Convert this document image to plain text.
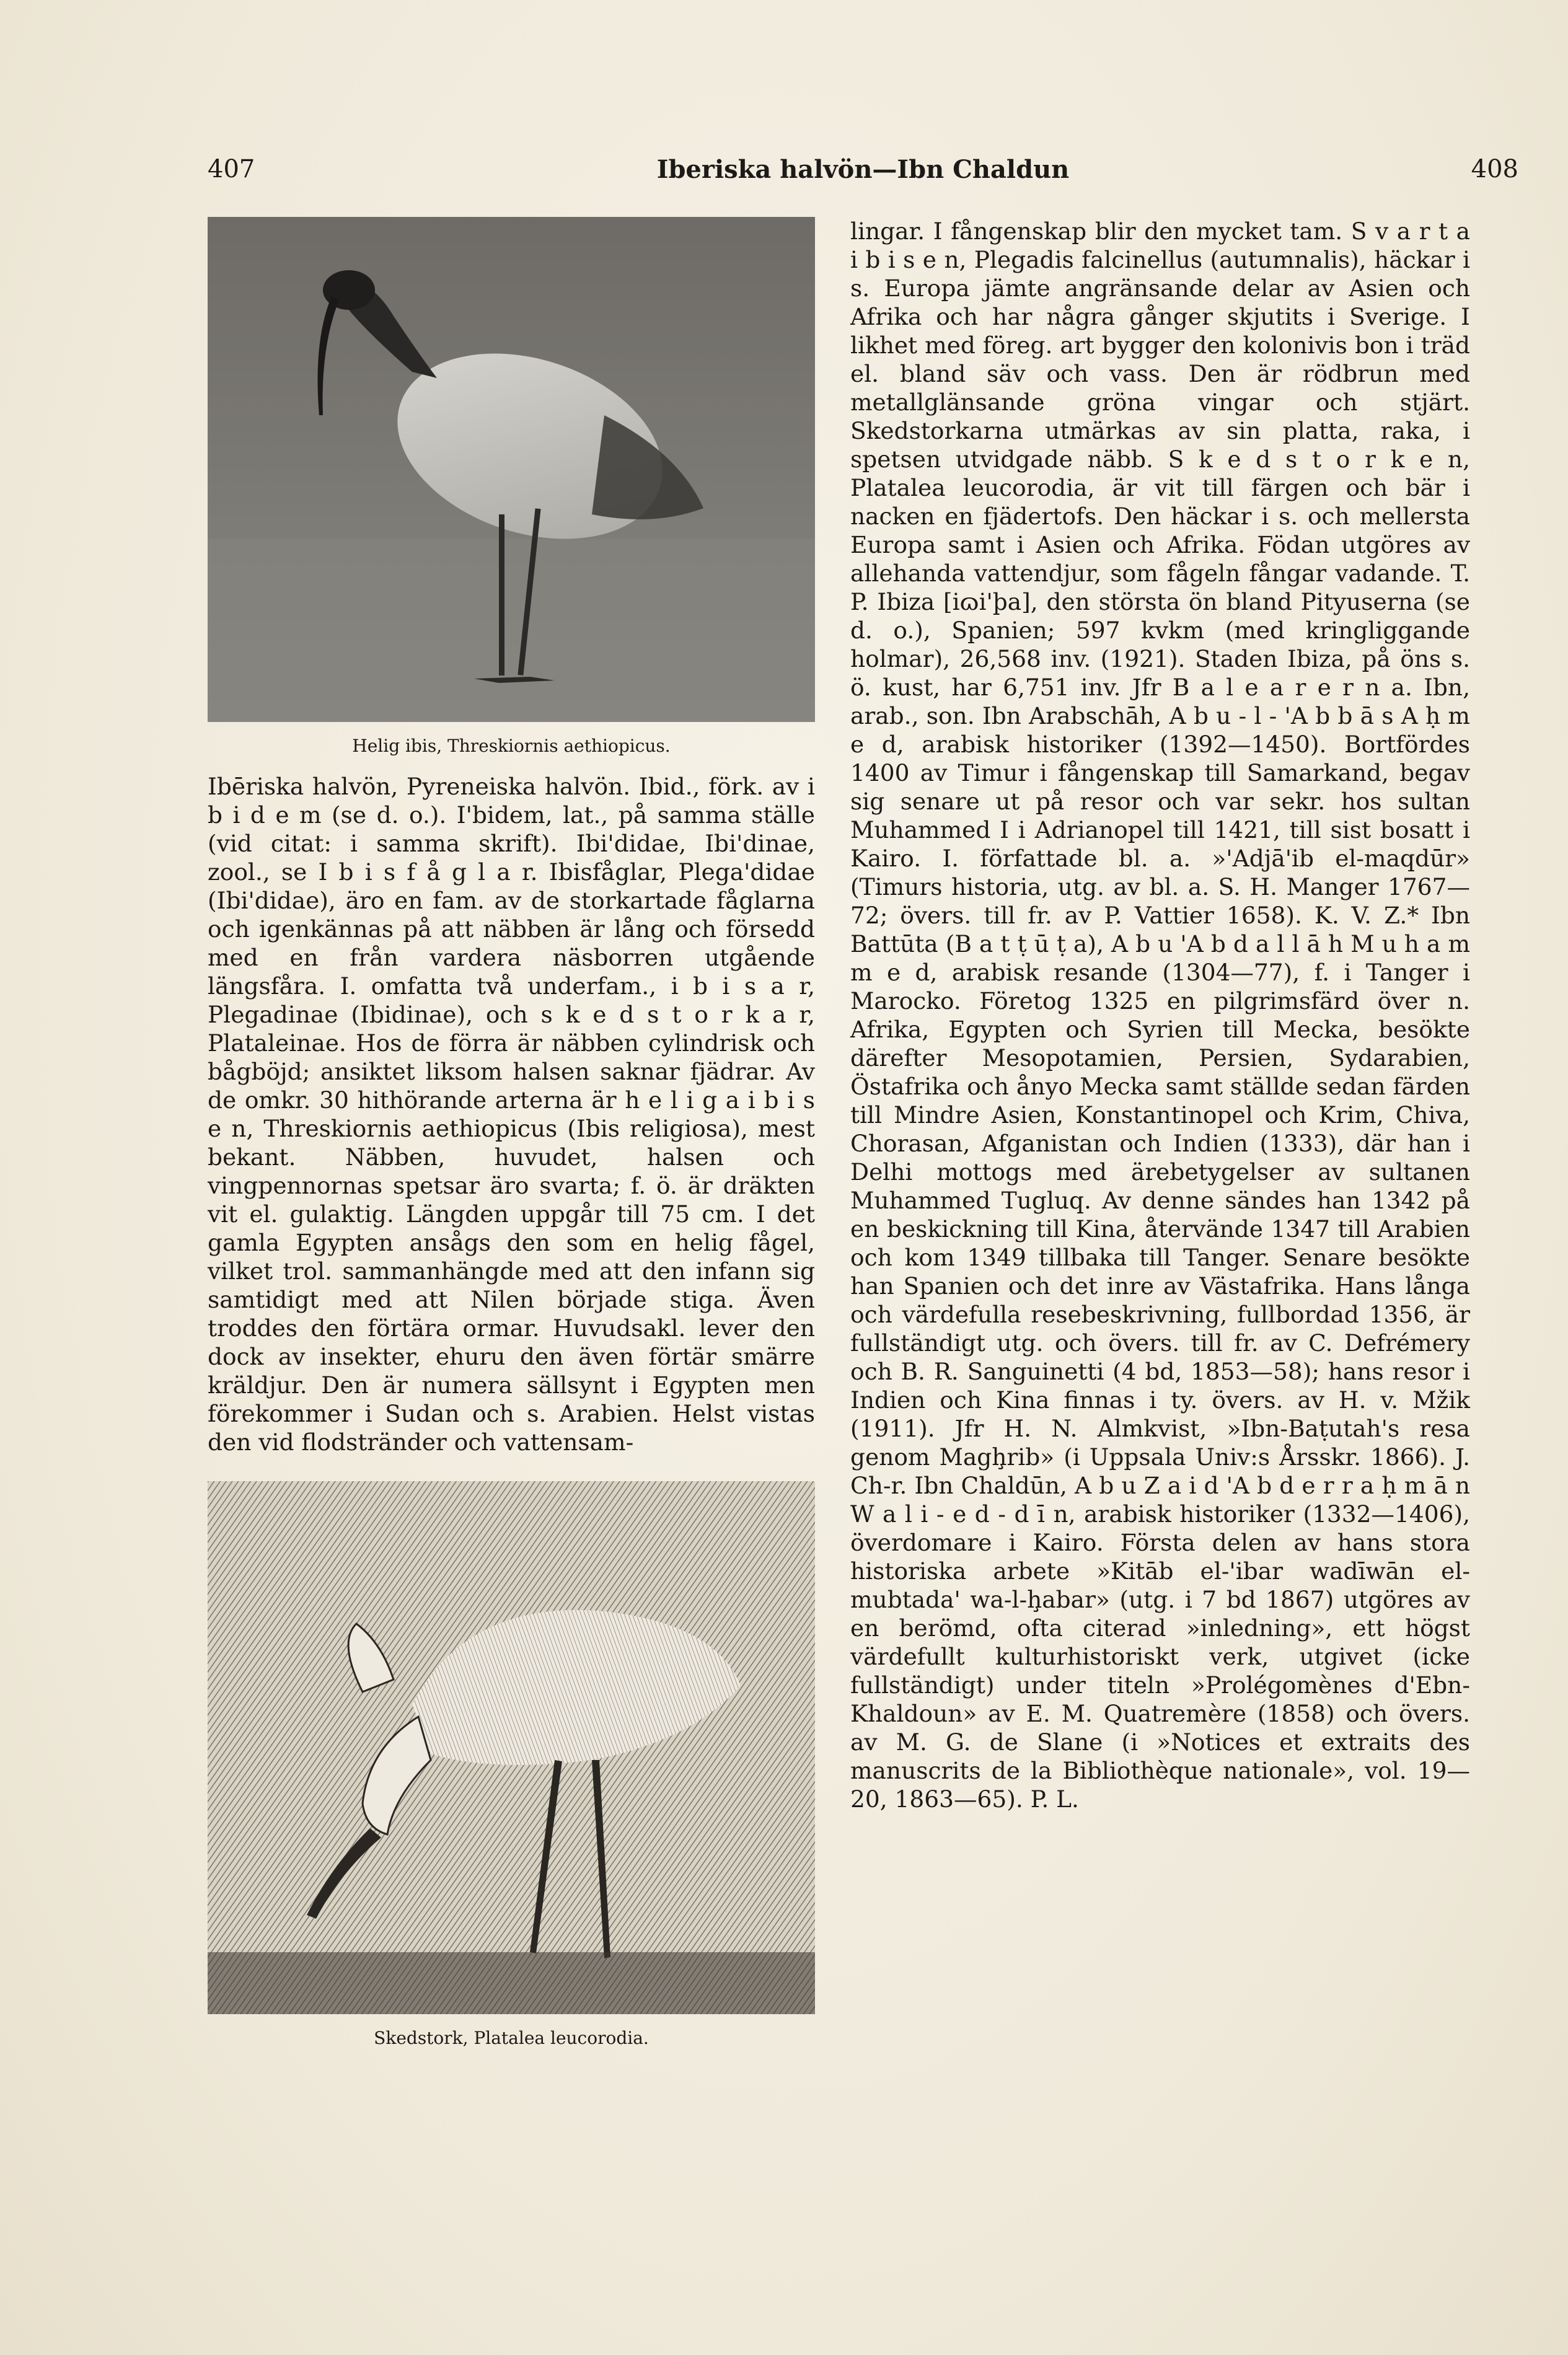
407	Iberiska halvön—Ibn Chaldun	408
Helig ibis, Threskiornis aethiopicus.

Ibēriska halvön, Pyreneiska halvön. Ibid., förk. av i b i d e m (se d. o.). I'bidem, lat., på samma ställe (vid citat: i samma skrift). Ibi'didae, Ibi'dinae, zool., se I b i s f å g l a r. Ibisfåglar, Plega'didae (Ibi'didae), äro en fam. av de storkartade fåglarna och igenkännas på att näbben är lång och försedd med en från vardera näsborren utgående längsfåra. I. omfatta två underfam., i b i s a r, Plegadinae (Ibidinae), och s k e d s t o r k a r, Plataleinae. Hos de förra är näbben cylindrisk och bågböjd; ansiktet liksom halsen saknar fjädrar. Av de omkr. 30 hithörande arterna är h e l i g a i b i s e n, Threskiornis aethiopicus (Ibis religiosa), mest bekant. Näbben, huvudet, halsen och vingpennornas spetsar äro svarta; f. ö. är dräkten vit el. gulaktig. Längden uppgår till 75 cm. I det gamla Egypten ansågs den som en helig fågel, vilket trol. sammanhängde med att den infann sig samtidigt med att Nilen började stiga. Även troddes den förtära ormar. Huvudsakl. lever den dock av insekter, ehuru den även förtär smärre kräldjur. Den är numera sällsynt i Egypten men förekommer i Sudan och s. Arabien. Helst vistas den vid flodstränder och vattensam-

Skedstork, Platalea leucorodia.

lingar. I fångenskap blir den mycket tam. S v a r t a i b i s e n, Plegadis falcinellus (autumnalis), häckar i s. Europa jämte angränsande delar av Asien och Afrika och har några gånger skjutits i Sverige. I likhet med föreg. art bygger den kolonivis bon i träd el. bland säv och vass. Den är rödbrun med metallglänsande gröna vingar och stjärt. Skedstorkarna utmärkas av sin platta, raka, i spetsen utvidgade näbb. S k e d s t o r k e n, Platalea leucorodia, är vit till färgen och bär i nacken en fjädertofs. Den häckar i s. och mellersta Europa samt i Asien och Afrika. Födan utgöres av allehanda vattendjur, som fågeln fångar vadande. T. P. Ibiza [iɷi'þa], den största ön bland Pityuserna (se d. o.), Spanien; 597 kvkm (med kringliggande holmar), 26,568 inv. (1921). Staden Ibiza, på öns s. ö. kust, har 6,751 inv. Jfr B a l e a r e r n a. Ibn, arab., son. Ibn Arabschāh, A b u - l - 'A b b ā s A ḥ m e d, arabisk historiker (1392—1450). Bortfördes 1400 av Timur i fångenskap till Samarkand, begav sig senare ut på resor och var sekr. hos sultan Muhammed I i Adrianopel till 1421, till sist bosatt i Kairo. I. författade bl. a. »'Adjā'ib el-maqdūr» (Timurs historia, utg. av bl. a. S. H. Manger 1767—72; övers. till fr. av P. Vattier 1658). K. V. Z.* Ibn Battūta (B a t ṭ ū ṭ a), A b u 'A b d a l l ā h M u h a m m e d, arabisk resande (1304—77), f. i Tanger i Marocko. Företog 1325 en pilgrimsfärd över n. Afrika, Egypten och Syrien till Mecka, besökte därefter Mesopotamien, Persien, Sydarabien, Östafrika och ånyo Mecka samt ställde sedan färden till Mindre Asien, Konstantinopel och Krim, Chiva, Chorasan, Afganistan och Indien (1333), där han i Delhi mottogs med ärebetygelser av sultanen Muhammed Tugluq. Av denne sändes han 1342 på en beskickning till Kina, återvände 1347 till Arabien och kom 1349 tillbaka till Tanger. Senare besökte han Spanien och det inre av Västafrika. Hans långa och värdefulla resebeskrivning, fullbordad 1356, är fullständigt utg. och övers. till fr. av C. Defrémery och B. R. Sanguinetti (4 bd, 1853—58); hans resor i Indien och Kina finnas i ty. övers. av H. v. Mžik (1911). Jfr H. N. Almkvist, »Ibn-Baṭutah's resa genom Magḩrib» (i Uppsala Univ:s Årsskr. 1866). J. Ch-r. Ibn Chaldūn, A b u Z a i d 'A b d e r r a ḥ m ā n W a l i - e d - d ī n, arabisk historiker (1332—1406), överdomare i Kairo. Första delen av hans stora historiska arbete »Kitāb el-'ibar wadīwān el-mubtada' wa-l-ḩabar» (utg. i 7 bd 1867) utgöres av en berömd, ofta citerad »inledning», ett högst värdefullt kulturhistoriskt verk, utgivet (icke fullständigt) under titeln »Prolégomènes d'Ebn-Khaldoun» av E. M. Quatremère (1858) och övers. av M. G. de Slane (i »Notices et extraits des manuscrits de la Bibliothèque nationale», vol. 19—20, 1863—65). P. L.
